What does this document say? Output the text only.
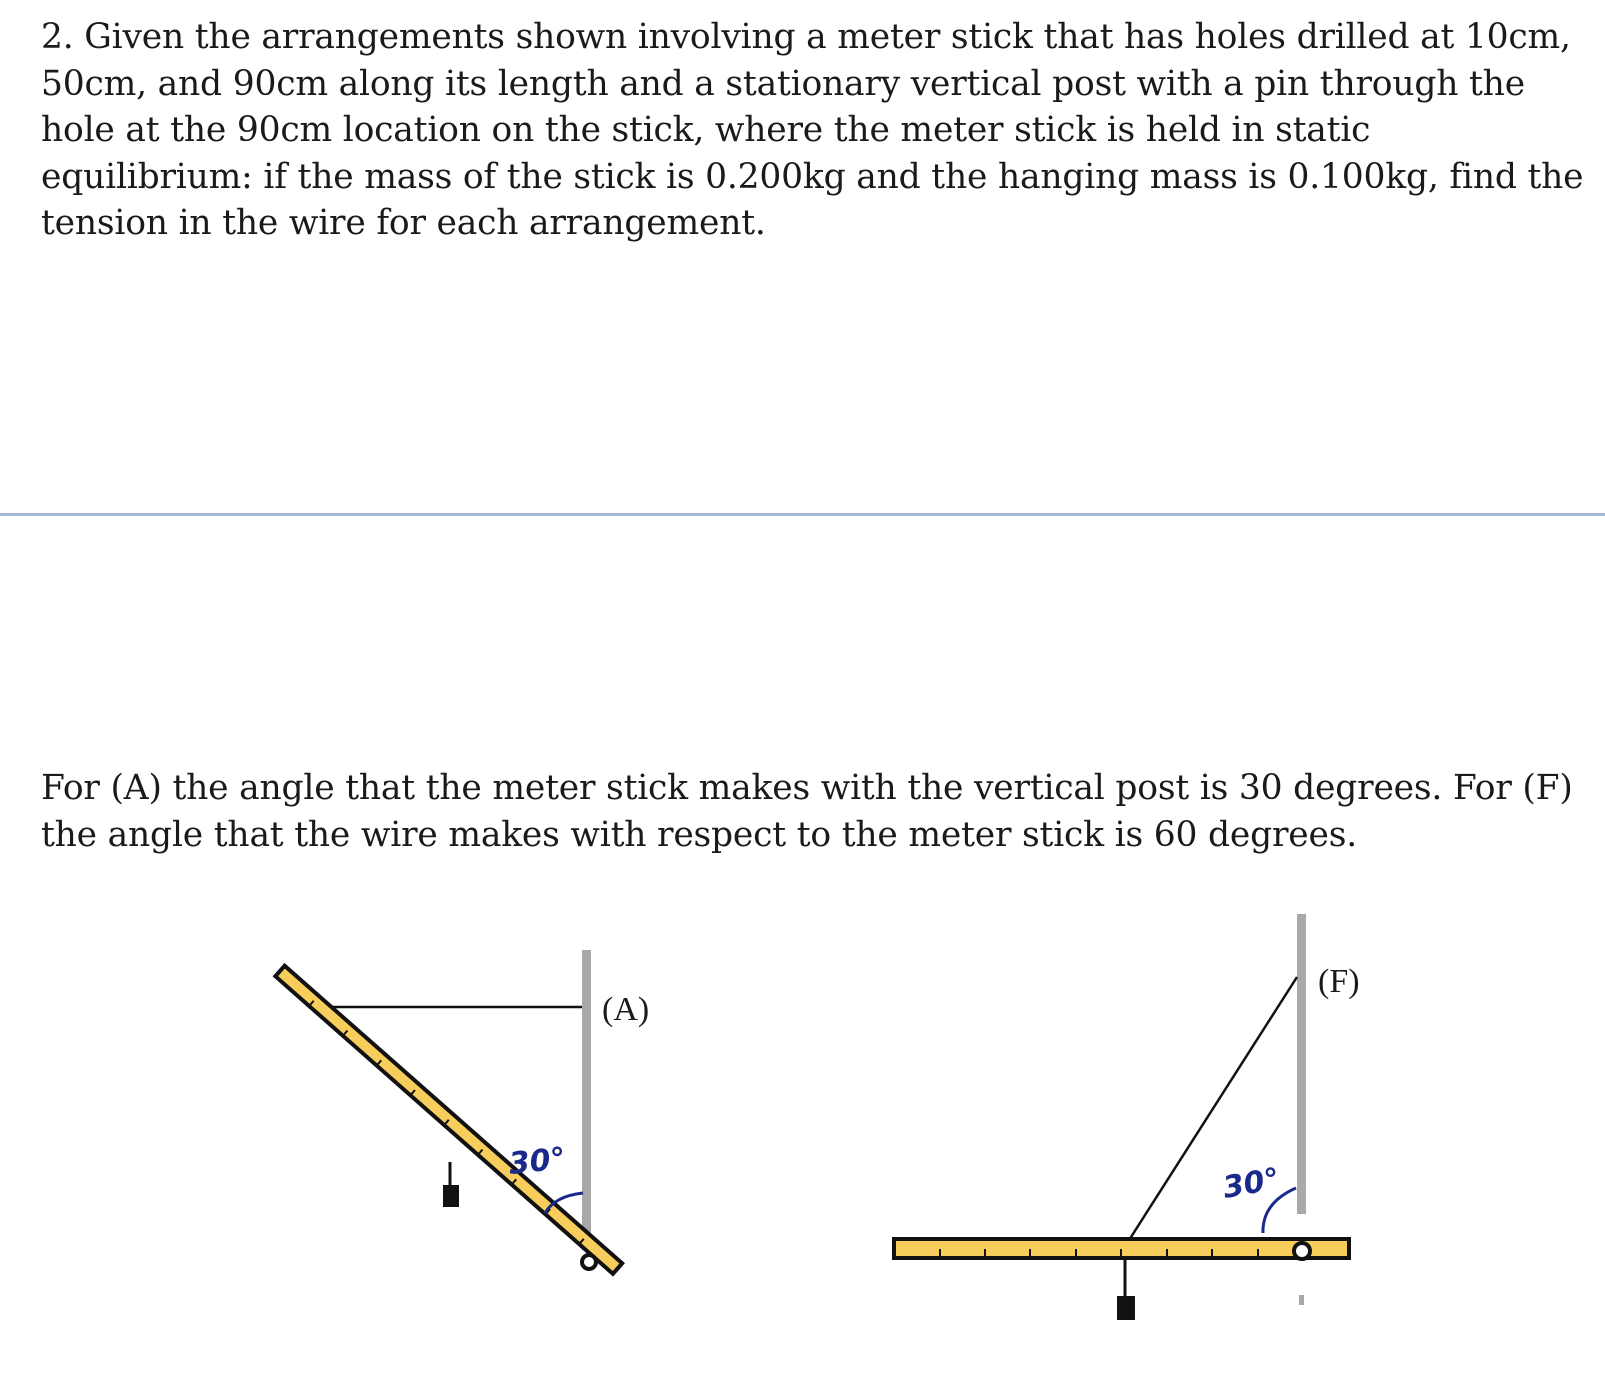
2. Given the arrangements shown involving a meter stick that has holes drilled at 10cm, 50cm, and 90cm along its length and a stationary vertical post with a pin through the hole at the 90cm location on the stick, where the meter stick is held in static equilibrium: if the mass of the stick is 0.200kg and the hanging mass is 0.100kg, find the tension in the wire for each arrangement.

For (A) the angle that the meter stick makes with the vertical post is 30 degrees. For (F) the angle that the wire makes with respect to the meter stick is 60 degrees.

30°
(A)
30°
(F)
